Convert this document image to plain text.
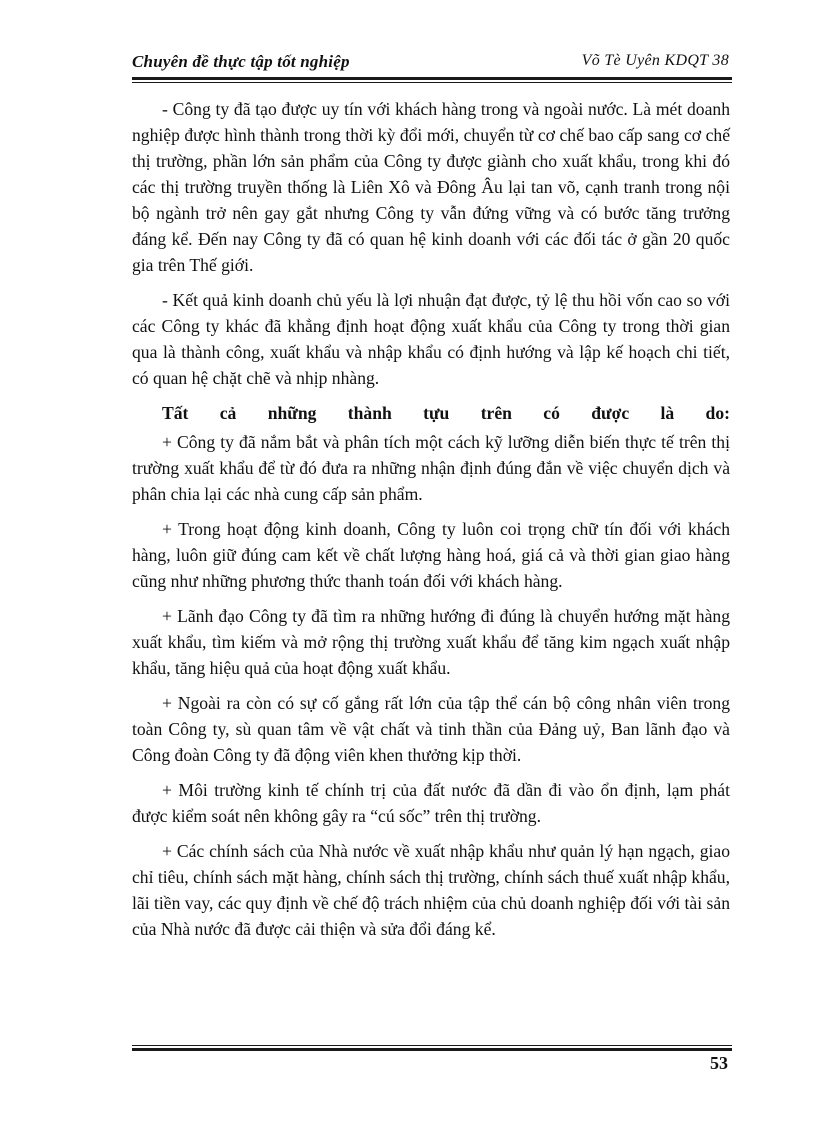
Chuyên đề thực tập tốt nghiệp	Võ Tè Uyên KDQT 38

- Công ty đã tạo được uy tín với khách hàng trong và ngoài nước. Là mét doanh nghiệp được hình thành trong thời kỳ đổi mới, chuyển từ cơ chế bao cấp sang cơ chế thị trường, phần lớn sản phẩm của Công ty được giành cho xuất khẩu, trong khi đó các thị trường truyền thống là Liên Xô và Đông Âu lại tan võ, cạnh tranh trong nội bộ ngành trở nên gay gắt nhưng Công ty vẫn đứng vững và có bước tăng trưởng đáng kể. Đến nay Công ty đã có quan hệ kinh doanh với các đối tác ở gần 20 quốc gia trên Thế giới.

- Kết quả kinh doanh chủ yếu là lợi nhuận đạt được, tỷ lệ thu hồi vốn cao so với các Công ty khác đã khẳng định hoạt động xuất khẩu của Công ty trong thời gian qua là thành công, xuất khẩu và nhập khẩu có định hướng và lập kế hoạch chi tiết, có quan hệ chặt chẽ và nhịp nhàng.

Tất cả những thành tựu trên có được là do:

+ Công ty đã nắm bắt và phân tích một cách kỹ lưỡng diễn biến thực tế trên thị trường xuất khẩu để từ đó đưa ra những nhận định đúng đắn về việc chuyển dịch và phân chia lại các nhà cung cấp sản phẩm.

+ Trong hoạt động kinh doanh, Công ty luôn coi trọng chữ tín đối với khách hàng, luôn giữ đúng cam kết về chất lượng hàng hoá, giá cả và thời gian giao hàng cũng như những phương thức thanh toán đối với khách hàng.

+ Lãnh đạo Công ty đã tìm ra những hướng đi đúng là chuyển hướng mặt hàng xuất khẩu, tìm kiếm và mở rộng thị trường xuất khẩu để tăng kim ngạch xuất nhập khẩu, tăng hiệu quả của hoạt động xuất khẩu.

+ Ngoài ra còn có sự cố gắng rất lớn của tập thể cán bộ công nhân viên trong toàn Công ty, sù quan tâm về vật chất và tinh thần của Đảng uỷ, Ban lãnh đạo và Công đoàn Công ty đã động viên khen thưởng kịp thời.

+ Môi trường kinh tế chính trị của đất nước đã dần đi vào ổn định, lạm phát được kiểm soát nên không gây ra “cú sốc” trên thị trường.

+ Các chính sách của Nhà nước về xuất nhập khẩu như quản lý hạn ngạch, giao chỉ tiêu, chính sách mặt hàng, chính sách thị trường, chính sách thuế xuất nhập khẩu, lãi tiền vay, các quy định về chế độ trách nhiệm của chủ doanh nghiệp đối với tài sản của Nhà nước đã được cải thiện và sửa đổi đáng kể.

53
